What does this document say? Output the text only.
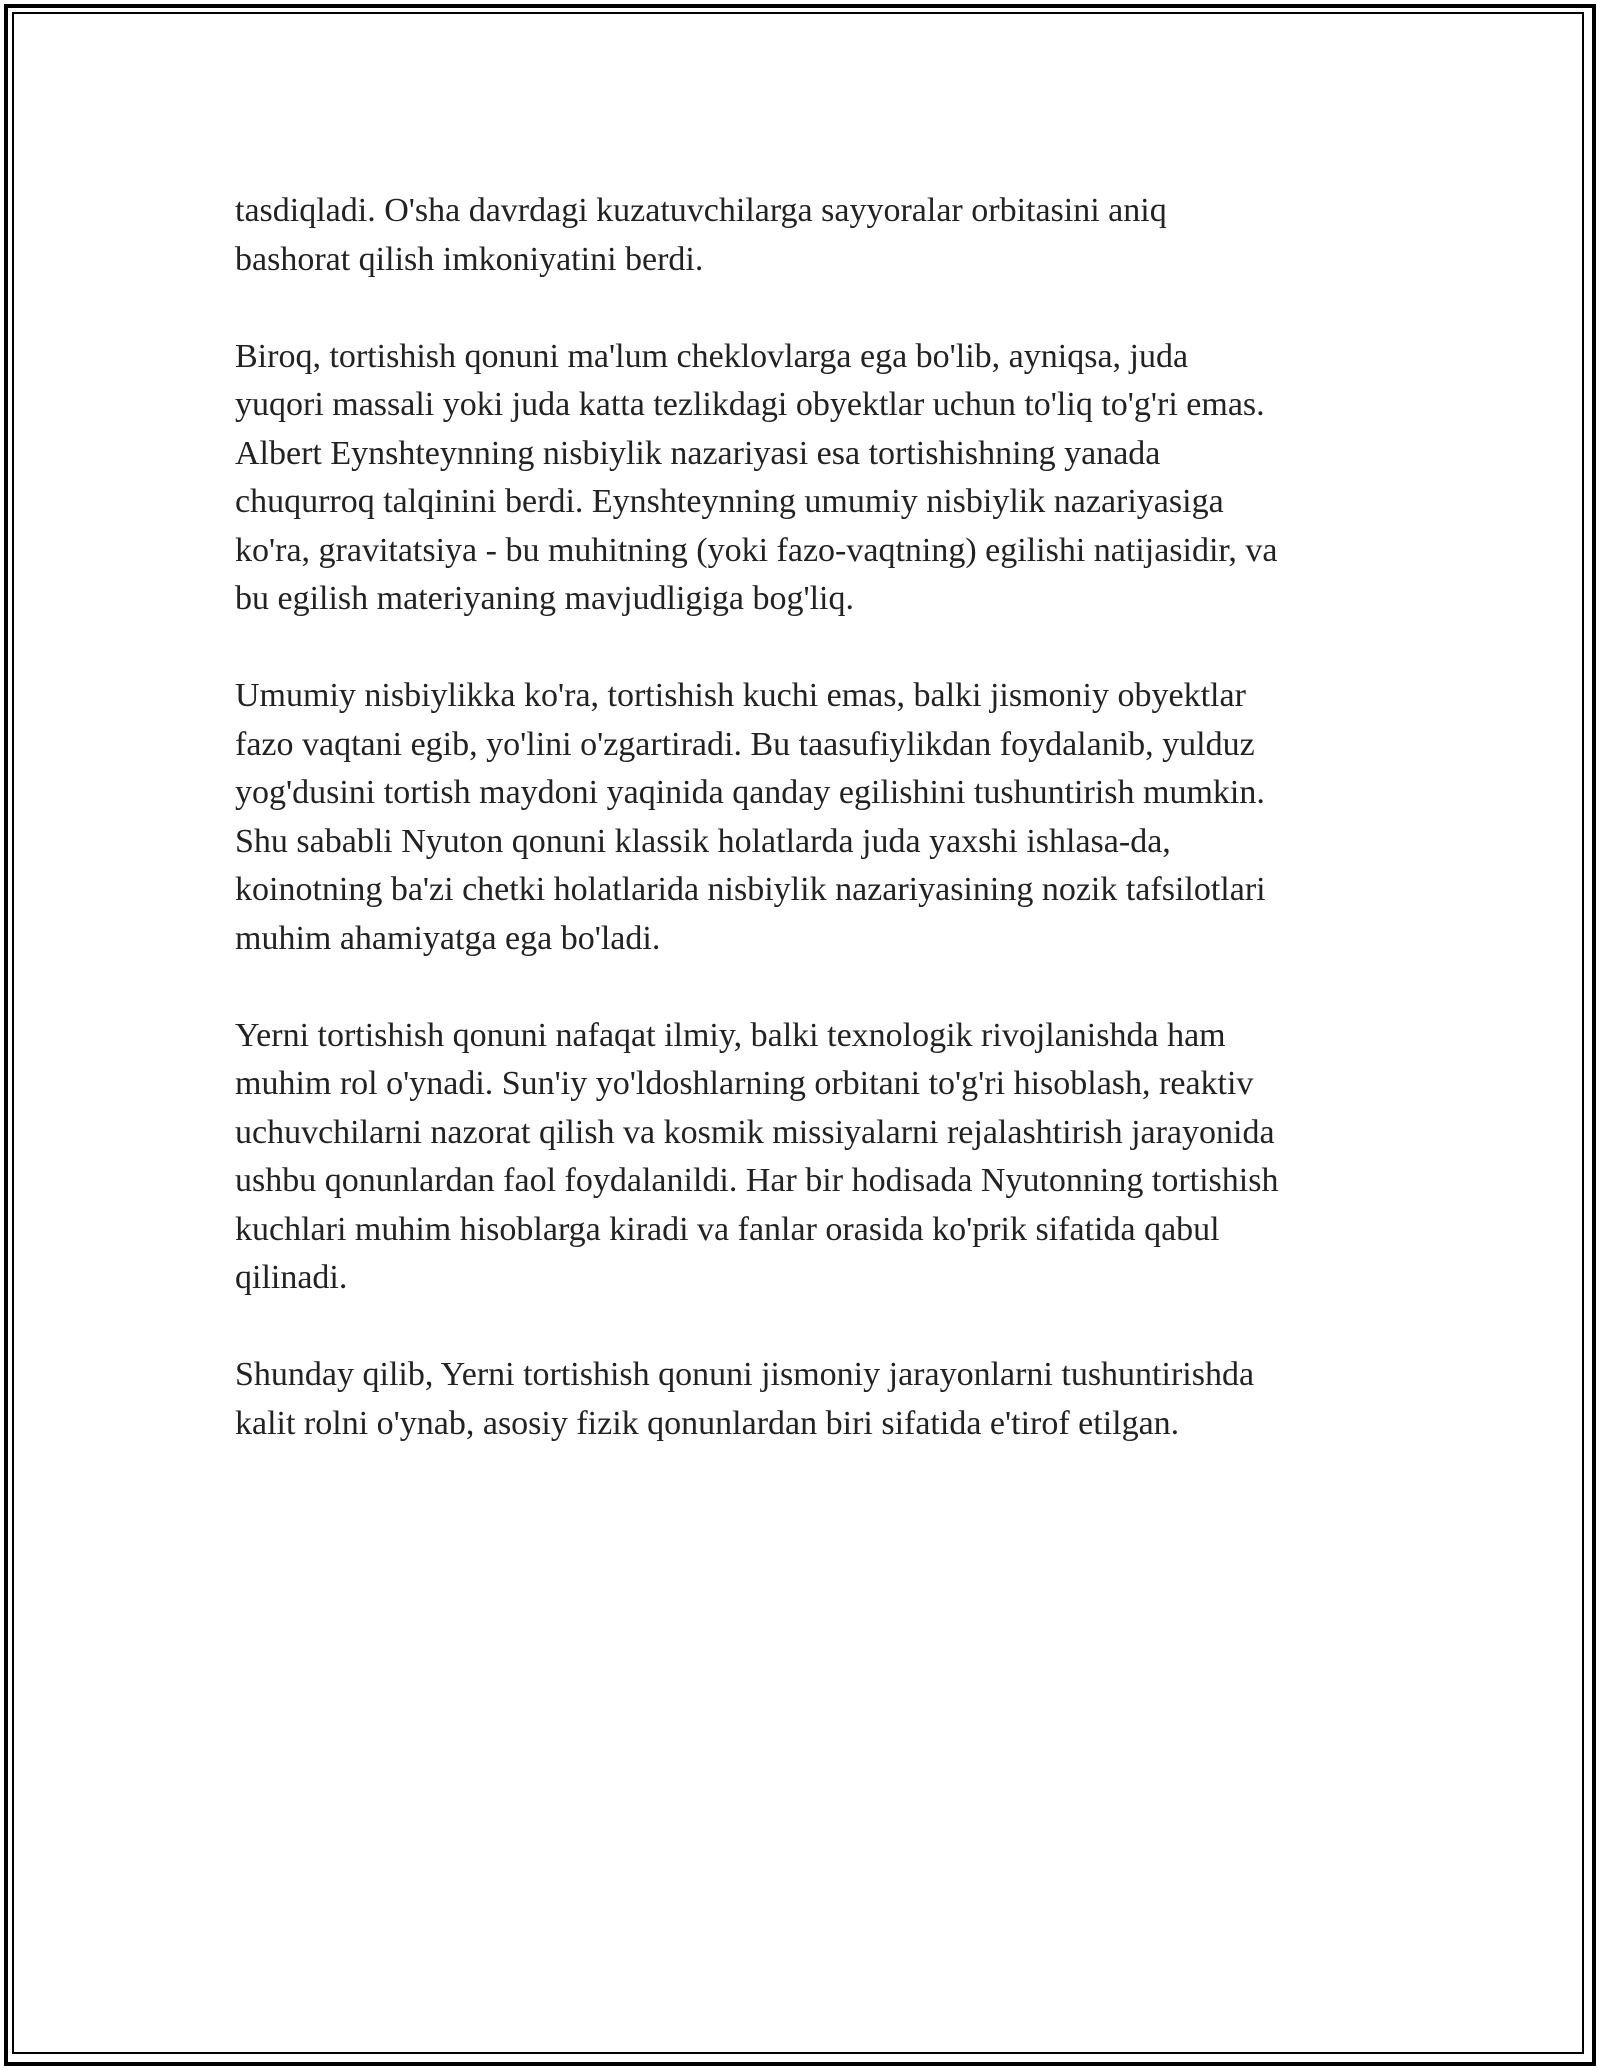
tasdiqladi. O'sha davrdagi kuzatuvchilarga sayyoralar orbitasini aniq
bashorat qilish imkoniyatini berdi.

Biroq, tortishish qonuni ma'lum cheklovlarga ega bo'lib, ayniqsa, juda
yuqori massali yoki juda katta tezlikdagi obyektlar uchun to'liq to'g'ri emas.
Albert Eynshteynning nisbiylik nazariyasi esa tortishishning yanada
chuqurroq talqinini berdi. Eynshteynning umumiy nisbiylik nazariyasiga
ko'ra, gravitatsiya - bu muhitning (yoki fazo-vaqtning) egilishi natijasidir, va
bu egilish materiyaning mavjudligiga bog'liq.

Umumiy nisbiylikka ko'ra, tortishish kuchi emas, balki jismoniy obyektlar
fazo vaqtani egib, yo'lini o'zgartiradi. Bu taasufiylikdan foydalanib, yulduz
yog'dusini tortish maydoni yaqinida qanday egilishini tushuntirish mumkin.
Shu sababli Nyuton qonuni klassik holatlarda juda yaxshi ishlasa-da,
koinotning ba'zi chetki holatlarida nisbiylik nazariyasining nozik tafsilotlari
muhim ahamiyatga ega bo'ladi.

Yerni tortishish qonuni nafaqat ilmiy, balki texnologik rivojlanishda ham
muhim rol o'ynadi. Sun'iy yo'ldoshlarning orbitani to'g'ri hisoblash, reaktiv
uchuvchilarni nazorat qilish va kosmik missiyalarni rejalashtirish jarayonida
ushbu qonunlardan faol foydalanildi. Har bir hodisada Nyutonning tortishish
kuchlari muhim hisoblarga kiradi va fanlar orasida ko'prik sifatida qabul
qilinadi.

Shunday qilib, Yerni tortishish qonuni jismoniy jarayonlarni tushuntirishda
kalit rolni o'ynab, asosiy fizik qonunlardan biri sifatida e'tirof etilgan.
